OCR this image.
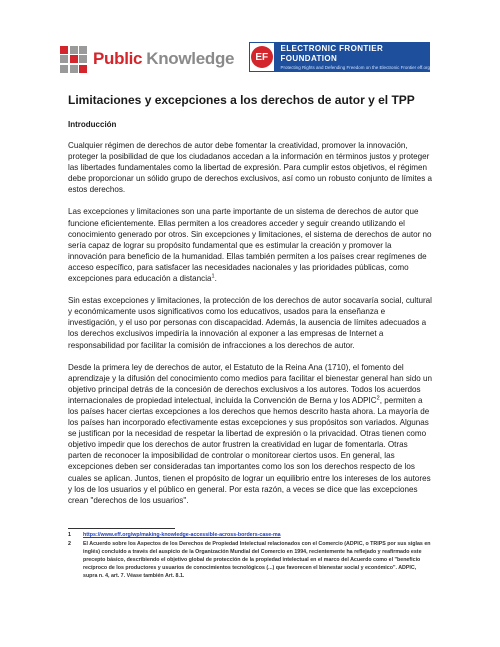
Public Knowledge	EF
ELECTRONIC FRONTIER FOUNDATION
Protecting Rights and Defending Freedom on the Electronic Frontier eff.org
Limitaciones y excepciones a los derechos de autor y el TPP
Introducción

Cualquier régimen de derechos de autor debe fomentar la creatividad, promover la innovación, proteger la posibilidad de que los ciudadanos accedan a la información en términos justos y proteger las libertades fundamentales como la libertad de expresión. Para cumplir estos objetivos, el régimen debe proporcionar un sólido grupo de derechos exclusivos, así como un robusto conjunto de límites a estos derechos.

Las excepciones y limitaciones son una parte importante de un sistema de derechos de autor que funcione eficientemente. Ellas permiten a los creadores acceder y seguir creando utilizando el conocimiento generado por otros. Sin excepciones y limitaciones, el sistema de derechos de autor no sería capaz de lograr su propósito fundamental que es estimular la creación y promover la innovación para beneficio de la humanidad. Ellas también permiten a los países crear regímenes de acceso específico, para satisfacer las necesidades nacionales y las prioridades públicas, como excepciones para educación a distancia$^1$.

Sin estas excepciones y limitaciones, la protección de los derechos de autor socavaría social, cultural y económicamente usos significativos como los educativos, usados para la enseñanza e investigación, y el uso por personas con discapacidad. Además, la ausencia de límites adecuados a los derechos exclusivos impediría la innovación al exponer a las empresas de Internet a responsabilidad por facilitar la comisión de infracciones a los derechos de autor.

Desde la primera ley de derechos de autor, el Estatuto de la Reina Ana (1710), el fomento del aprendizaje y la difusión del conocimiento como medios para facilitar el bienestar general han sido un objetivo principal detrás de la concesión de derechos exclusivos a los autores. Todos los acuerdos internacionales de propiedad intelectual, incluida la Convención de Berna y los ADPIC$^2$, permiten a los países hacer ciertas excepciones a los derechos que hemos descrito hasta ahora. La mayoría de los países han incorporado efectivamente estas excepciones y sus propósitos son variados. Algunas se justifican por la necesidad de respetar la libertad de expresión o la privacidad. Otras tienen como objetivo impedir que los derechos de autor frustren la creatividad en lugar de fomentarla. Otras parten de reconocer la imposibilidad de controlar o monitorear ciertos usos. En general, las excepciones deben ser consideradas tan importantes como los son los derechos respecto de los cuales se aplican. Juntos, tienen el propósito de lograr un equilibrio entre los intereses de los autores y los de los usuarios y el público en general. Por esta razón, a veces se dice que las excepciones crean "derechos de los usuarios".

1	https://www.eff.org/wp/making-knowledge-accessible-across-borders-case-ma
2	El Acuerdo sobre los Aspectos de los Derechos de Propiedad Intelectual relacionados con el Comercio (ADPIC, o TRIPS por sus siglas en inglés) concluido a través del auspicio de la Organización Mundial del Comercio en 1994, recientemente ha reflejado y reafirmado este precepto básico, describiendo el objetivo global de protección de la propiedad intelectual en el marco del Acuerdo como el "beneficio recíproco de los productores y usuarios de conocimientos tecnológicos (...) que favorecen el bienestar social y económico". ADPIC, supra n. 4, art. 7. Véase también Art. 8.1.
